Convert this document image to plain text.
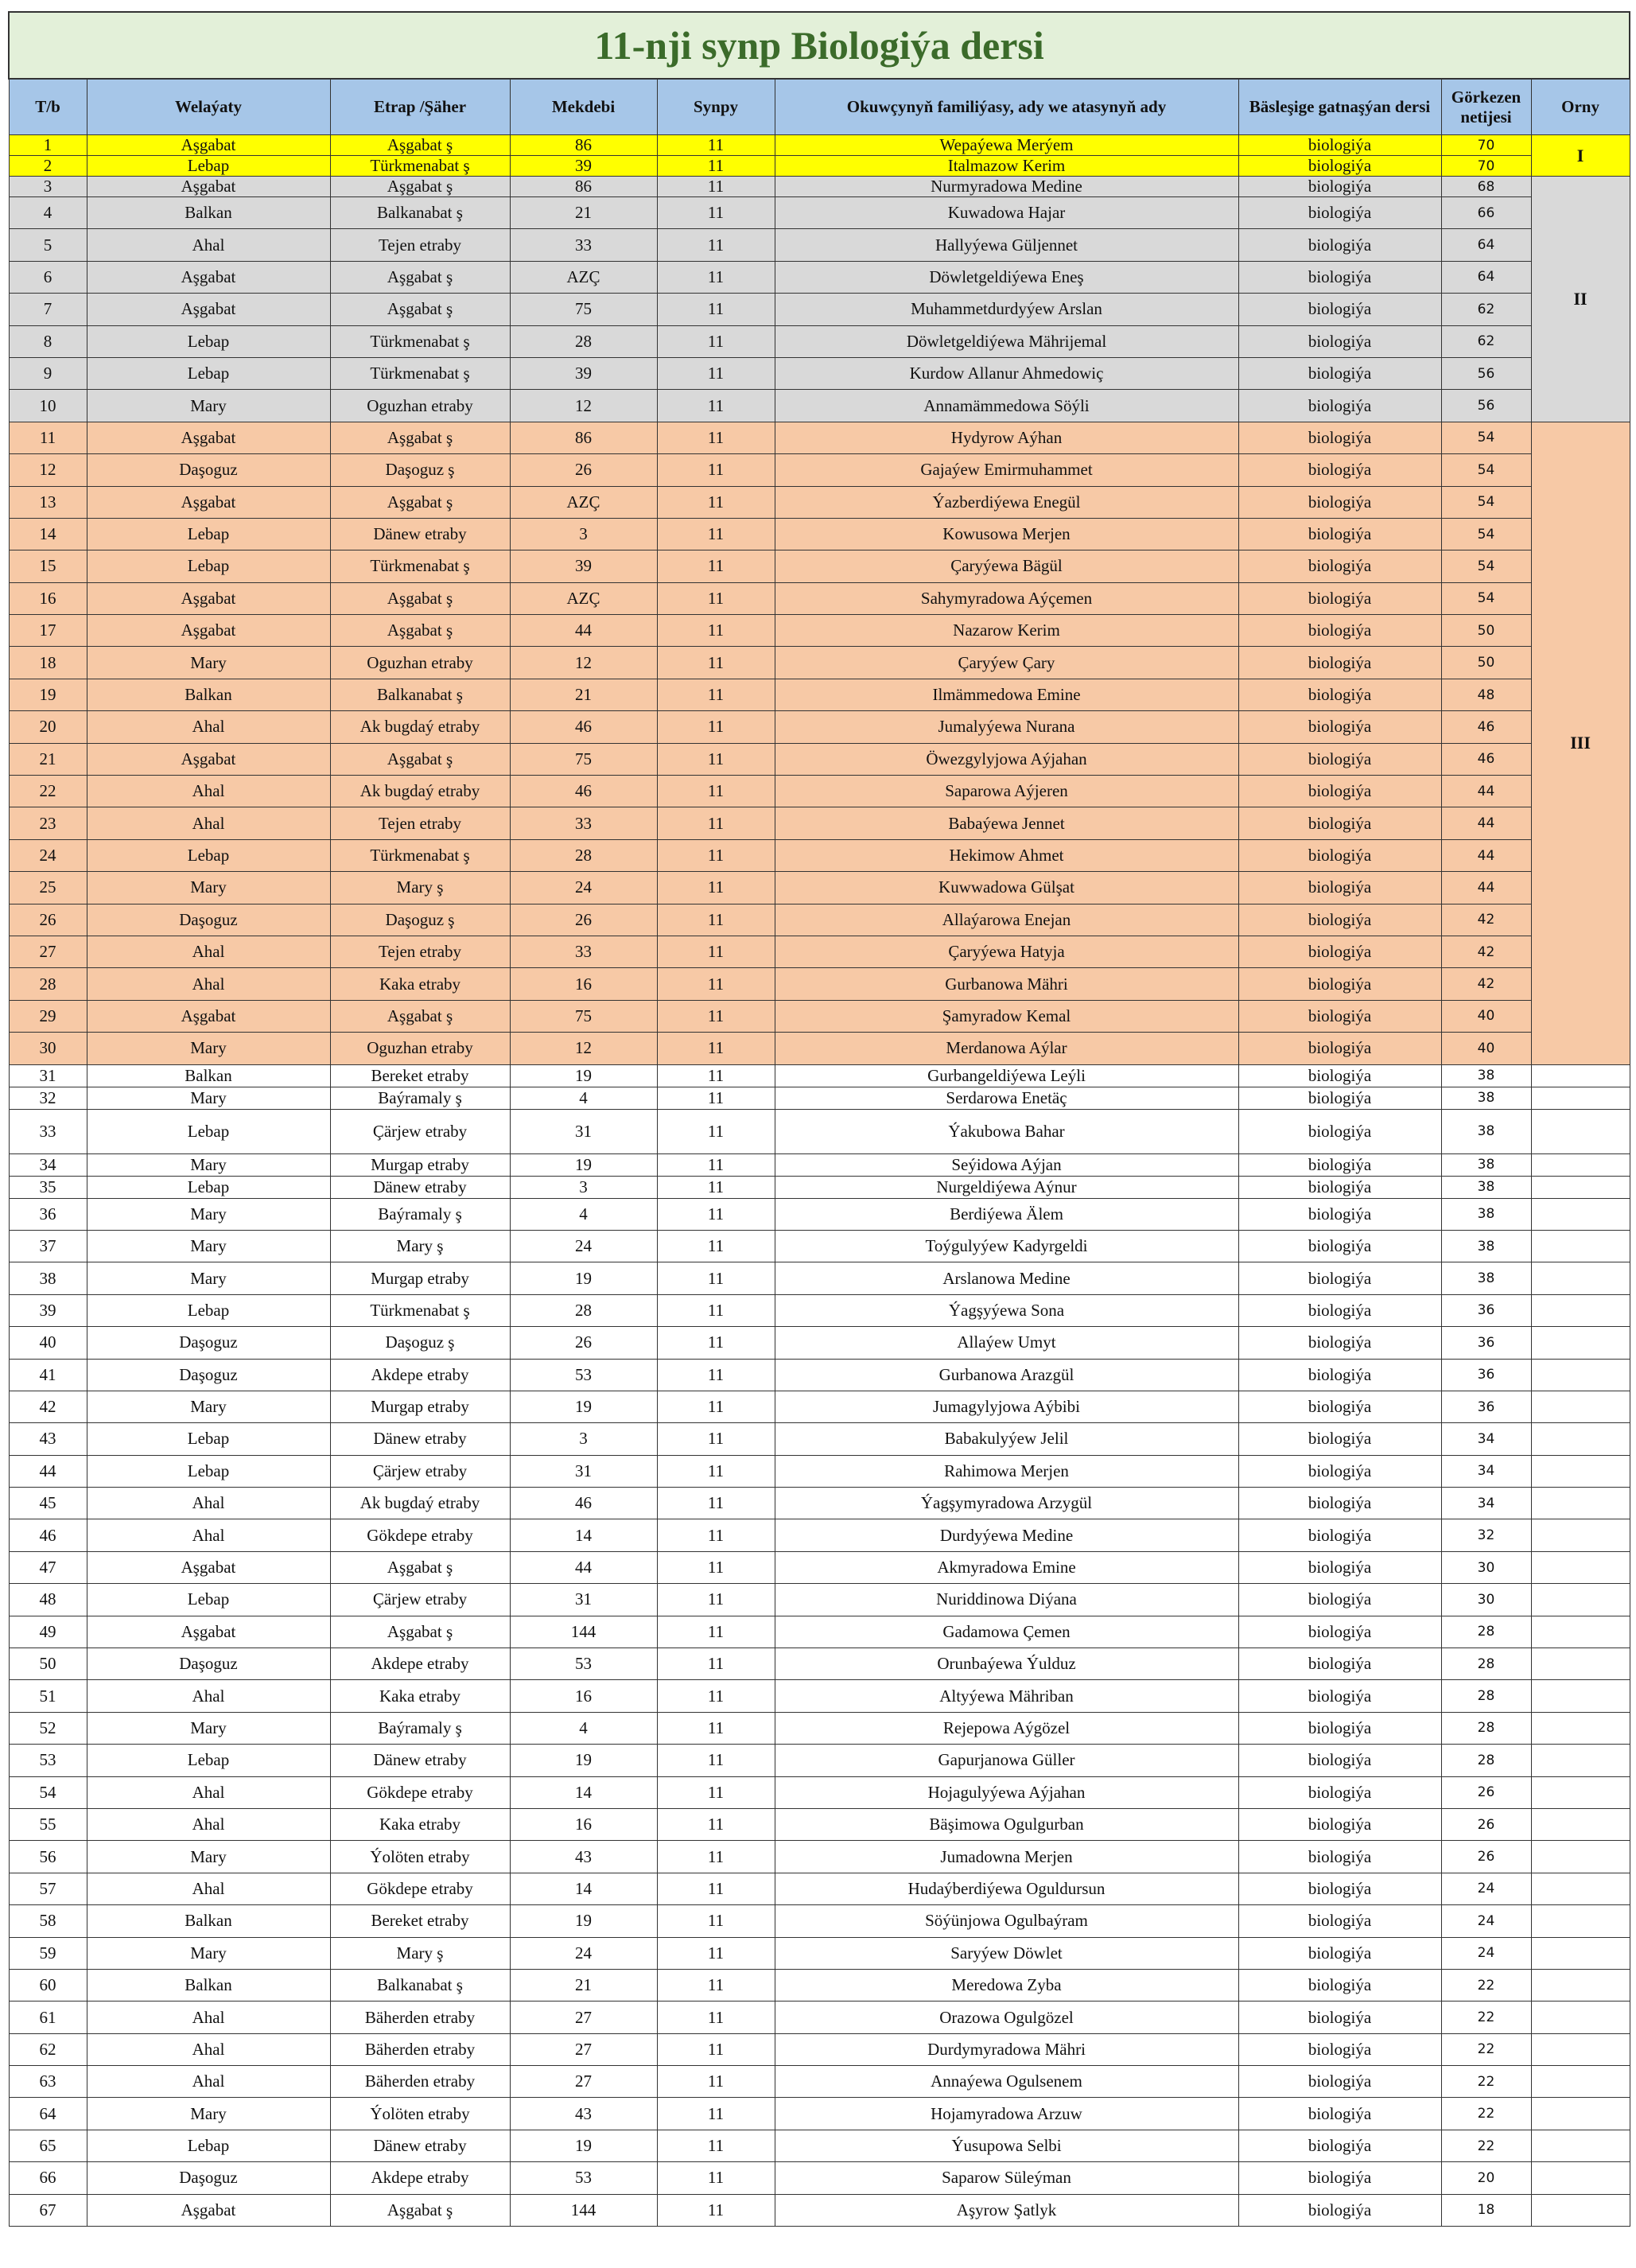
11-nji synp Biologiýa dersi								
T/b	Welaýaty	Etrap /Şäher	Mekdebi	Synpy	Okuwçynyň familiýasy, ady we atasynyň ady	Bäsleşige gatnaşýan dersi	Görkezen netijesi	Orny
1	Aşgabat	Aşgabat ş	86	11	Wepaýewa Merýem	biologiýa	70	I
2	Lebap	Türkmenabat ş	39	11	Italmazow Kerim	biologiýa	70	
3	Aşgabat	Aşgabat ş	86	11	Nurmyradowa Medine	biologiýa	68	II
4	Balkan	Balkanabat ş	21	11	Kuwadowa Hajar	biologiýa	66	
5	Ahal	Tejen etraby	33	11	Hallyýewa Güljennet	biologiýa	64	
6	Aşgabat	Aşgabat ş	AZÇ	11	Döwletgeldiýewa Eneş	biologiýa	64	
7	Aşgabat	Aşgabat ş	75	11	Muhammetdurdyýew Arslan	biologiýa	62	
8	Lebap	Türkmenabat ş	28	11	Döwletgeldiýewa Mährijemal	biologiýa	62	
9	Lebap	Türkmenabat ş	39	11	Kurdow Allanur Ahmedowiç	biologiýa	56	
10	Mary	Oguzhan etraby	12	11	Annamämmedowa Söýli	biologiýa	56	
11	Aşgabat	Aşgabat ş	86	11	Hydyrow Aýhan	biologiýa	54	III
12	Daşoguz	Daşoguz ş	26	11	Gajaýew Emirmuhammet	biologiýa	54	
13	Aşgabat	Aşgabat ş	AZÇ	11	Ýazberdiýewa Enegül	biologiýa	54	
14	Lebap	Dänew etraby	3	11	Kowusowa Merjen	biologiýa	54	
15	Lebap	Türkmenabat ş	39	11	Çaryýewa Bägül	biologiýa	54	
16	Aşgabat	Aşgabat ş	AZÇ	11	Sahymyradowa Aýçemen	biologiýa	54	
17	Aşgabat	Aşgabat ş	44	11	Nazarow Kerim	biologiýa	50	
18	Mary	Oguzhan etraby	12	11	Çaryýew Çary	biologiýa	50	
19	Balkan	Balkanabat ş	21	11	Ilmämmedowa Emine	biologiýa	48	
20	Ahal	Ak bugdaý etraby	46	11	Jumalyýewa Nurana	biologiýa	46	
21	Aşgabat	Aşgabat ş	75	11	Öwezgylyjowa Aýjahan	biologiýa	46	
22	Ahal	Ak bugdaý etraby	46	11	Saparowa Aýjeren	biologiýa	44	
23	Ahal	Tejen etraby	33	11	Babaýewa Jennet	biologiýa	44	
24	Lebap	Türkmenabat ş	28	11	Hekimow Ahmet	biologiýa	44	
25	Mary	Mary ş	24	11	Kuwwadowa Gülşat	biologiýa	44	
26	Daşoguz	Daşoguz ş	26	11	Allaýarowa Enejan	biologiýa	42	
27	Ahal	Tejen etraby	33	11	Çaryýewa Hatyja	biologiýa	42	
28	Ahal	Kaka etraby	16	11	Gurbanowa Mähri	biologiýa	42	
29	Aşgabat	Aşgabat ş	75	11	Şamyradow Kemal	biologiýa	40	
30	Mary	Oguzhan etraby	12	11	Merdanowa Aýlar	biologiýa	40	
31	Balkan	Bereket etraby	19	11	Gurbangeldiýewa Leýli	biologiýa	38	
32	Mary	Baýramaly ş	4	11	Serdarowa Enetäç	biologiýa	38	
33	Lebap	Çärjew etraby	31	11	Ýakubowa Bahar	biologiýa	38	
34	Mary	Murgap etraby	19	11	Seýidowa Aýjan	biologiýa	38	
35	Lebap	Dänew etraby	3	11	Nurgeldiýewa Aýnur	biologiýa	38	
36	Mary	Baýramaly ş	4	11	Berdiýewa Älem	biologiýa	38	
37	Mary	Mary ş	24	11	Toýgulyýew Kadyrgeldi	biologiýa	38	
38	Mary	Murgap etraby	19	11	Arslanowa Medine	biologiýa	38	
39	Lebap	Türkmenabat ş	28	11	Ýagşyýewa Sona	biologiýa	36	
40	Daşoguz	Daşoguz ş	26	11	Allaýew Umyt	biologiýa	36	
41	Daşoguz	Akdepe etraby	53	11	Gurbanowa Arazgül	biologiýa	36	
42	Mary	Murgap etraby	19	11	Jumagylyjowa Aýbibi	biologiýa	36	
43	Lebap	Dänew etraby	3	11	Babakulyýew Jelil	biologiýa	34	
44	Lebap	Çärjew etraby	31	11	Rahimowa Merjen	biologiýa	34	
45	Ahal	Ak bugdaý etraby	46	11	Ýagşymyradowa Arzygül	biologiýa	34	
46	Ahal	Gökdepe etraby	14	11	Durdyýewa Medine	biologiýa	32	
47	Aşgabat	Aşgabat ş	44	11	Akmyradowa Emine	biologiýa	30	
48	Lebap	Çärjew etraby	31	11	Nuriddinowa Diýana	biologiýa	30	
49	Aşgabat	Aşgabat ş	144	11	Gadamowa Çemen	biologiýa	28	
50	Daşoguz	Akdepe etraby	53	11	Orunbaýewa Ýulduz	biologiýa	28	
51	Ahal	Kaka etraby	16	11	Altyýewa Mähriban	biologiýa	28	
52	Mary	Baýramaly ş	4	11	Rejepowa Aýgözel	biologiýa	28	
53	Lebap	Dänew etraby	19	11	Gapurjanowa Güller	biologiýa	28	
54	Ahal	Gökdepe etraby	14	11	Hojagulyýewa Aýjahan	biologiýa	26	
55	Ahal	Kaka etraby	16	11	Bäşimowa Ogulgurban	biologiýa	26	
56	Mary	Ýolöten etraby	43	11	Jumadowna Merjen	biologiýa	26	
57	Ahal	Gökdepe etraby	14	11	Hudaýberdiýewa Oguldursun	biologiýa	24	
58	Balkan	Bereket etraby	19	11	Söýünjowa Ogulbaýram	biologiýa	24	
59	Mary	Mary ş	24	11	Saryýew Döwlet	biologiýa	24	
60	Balkan	Balkanabat ş	21	11	Meredowa Zyba	biologiýa	22	
61	Ahal	Bäherden etraby	27	11	Orazowa Ogulgözel	biologiýa	22	
62	Ahal	Bäherden etraby	27	11	Durdymyradowa Mähri	biologiýa	22	
63	Ahal	Bäherden etraby	27	11	Annaýewa Ogulsenem	biologiýa	22	
64	Mary	Ýolöten etraby	43	11	Hojamyradowa Arzuw	biologiýa	22	
65	Lebap	Dänew etraby	19	11	Ýusupowa Selbi	biologiýa	22	
66	Daşoguz	Akdepe etraby	53	11	Saparow Süleýman	biologiýa	20	
67	Aşgabat	Aşgabat ş	144	11	Aşyrow Şatlyk	biologiýa	18	
